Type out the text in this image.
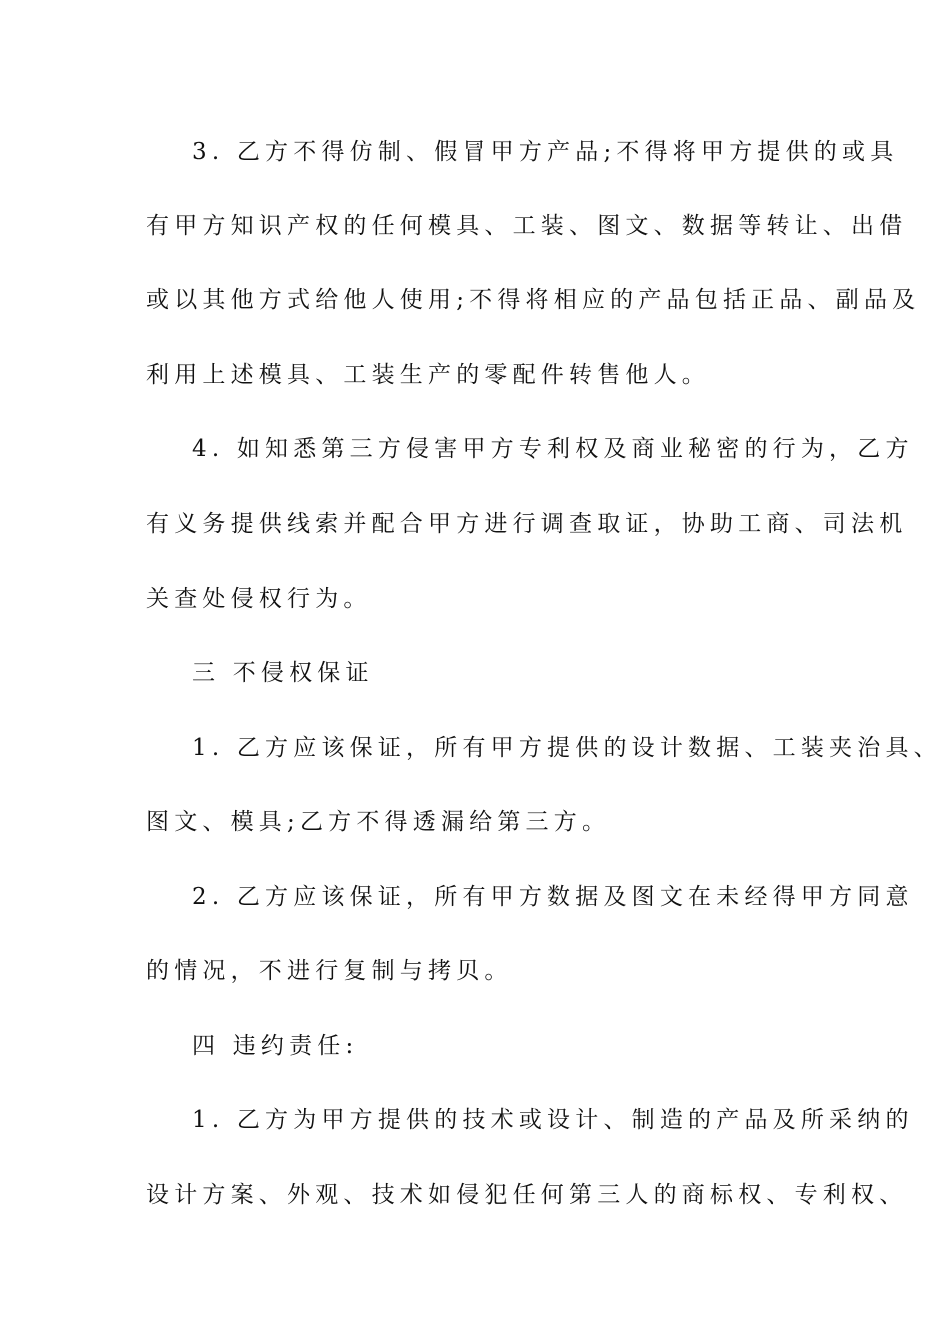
3. 乙方不得仿制、假冒甲方产品;不得将甲方提供的或具
有甲方知识产权的任何模具、工装、图文、数据等转让、出借
或以其他方式给他人使用;不得将相应的产品包括正品、副品及
利用上述模具、工装生产的零配件转售他人。
4. 如知悉第三方侵害甲方专利权及商业秘密的行为，乙方
有义务提供线索并配合甲方进行调查取证，协助工商、司法机
关查处侵权行为。
三 不侵权保证
1. 乙方应该保证，所有甲方提供的设计数据、工装夹治具、
图文、模具;乙方不得透漏给第三方。
2. 乙方应该保证，所有甲方数据及图文在未经得甲方同意
的情况，不进行复制与拷贝。
四 违约责任:
1. 乙方为甲方提供的技术或设计、制造的产品及所采纳的
设计方案、外观、技术如侵犯任何第三人的商标权、专利权、
